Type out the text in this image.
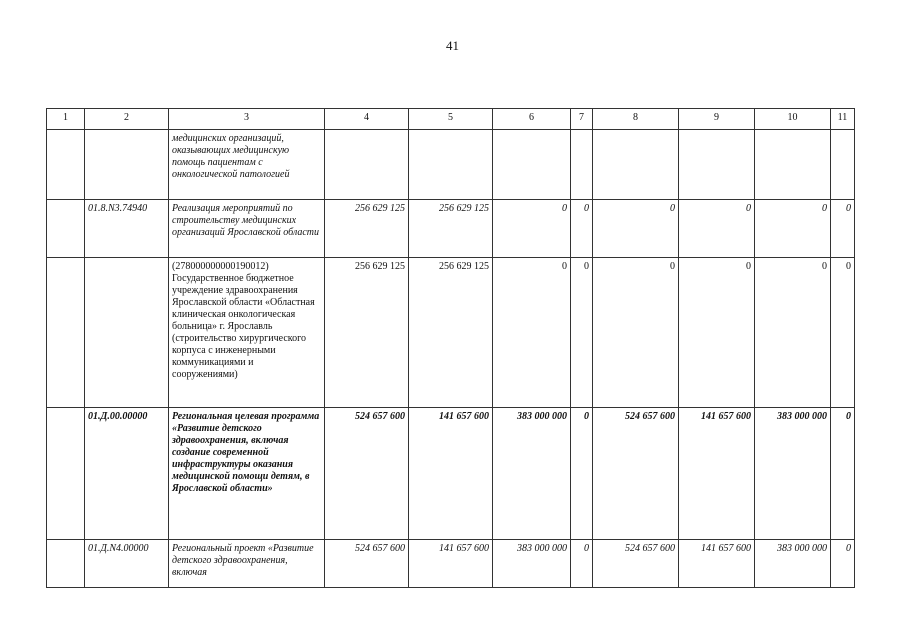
41
1	2	3	4	5	6	7	8	9	10	11
		медицинских организаций, оказывающих медицинскую помощь пациентам с онкологической патологией								
	01.8.N3.74940	Реализация мероприятий по строительству медицинских организаций Ярославской области	256 629 125	256 629 125	0	0	0	0	0	0
		(278000000000190012) Государственное бюджетное учреждение здравоохранения Ярославской области «Областная клиническая онкологическая больница» г. Ярославль (строительство хирургического корпуса с инженерными коммуникациями и сооружениями)	256 629 125	256 629 125	0	0	0	0	0	0
	01.Д.00.00000	Региональная целевая программа «Развитие детского здравоохранения, включая создание современной инфраструктуры оказания медицинской помощи детям, в Ярославской области»	524 657 600	141 657 600	383 000 000	0	524 657 600	141 657 600	383 000 000	0
	01.Д.N4.00000	Региональный проект «Развитие детского здравоохранения, включая	524 657 600	141 657 600	383 000 000	0	524 657 600	141 657 600	383 000 000	0
